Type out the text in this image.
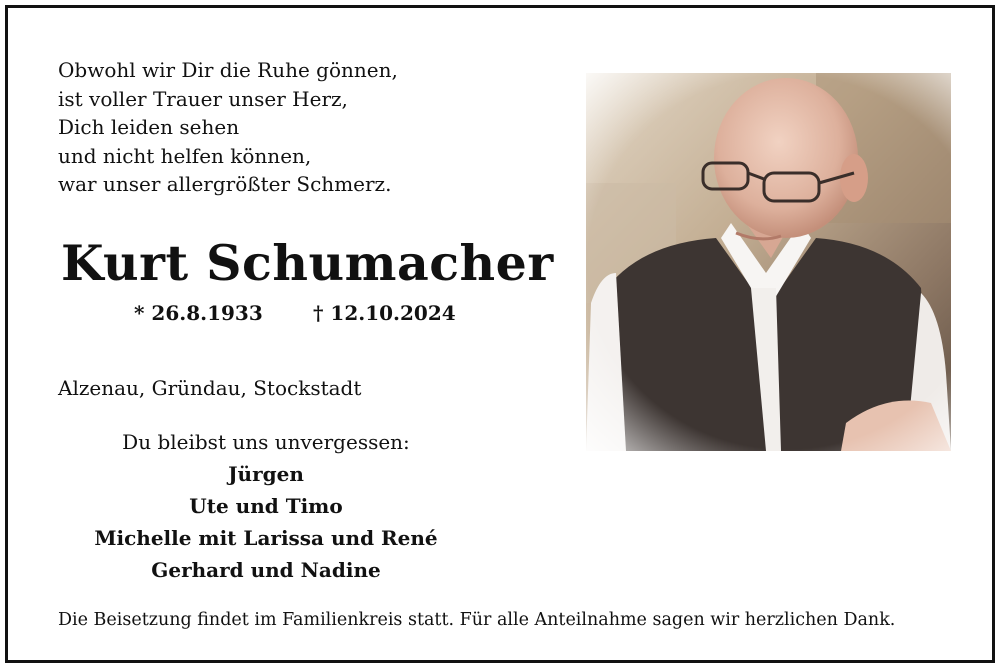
Obwohl wir Dir die Ruhe gönnen,
ist voller Trauer unser Herz,
Dich leiden sehen
und nicht helfen können,
war unser allergrößter Schmerz.
Kurt Schumacher
* 26.8.1933	† 12.10.2024
Alzenau, Gründau, Stockstadt
Du bleibst uns unvergessen:
Jürgen
Ute und Timo
Michelle mit Larissa und René
Gerhard und Nadine
Die Beisetzung findet im Familienkreis statt. Für alle Anteilnahme sagen wir herzlichen Dank.
